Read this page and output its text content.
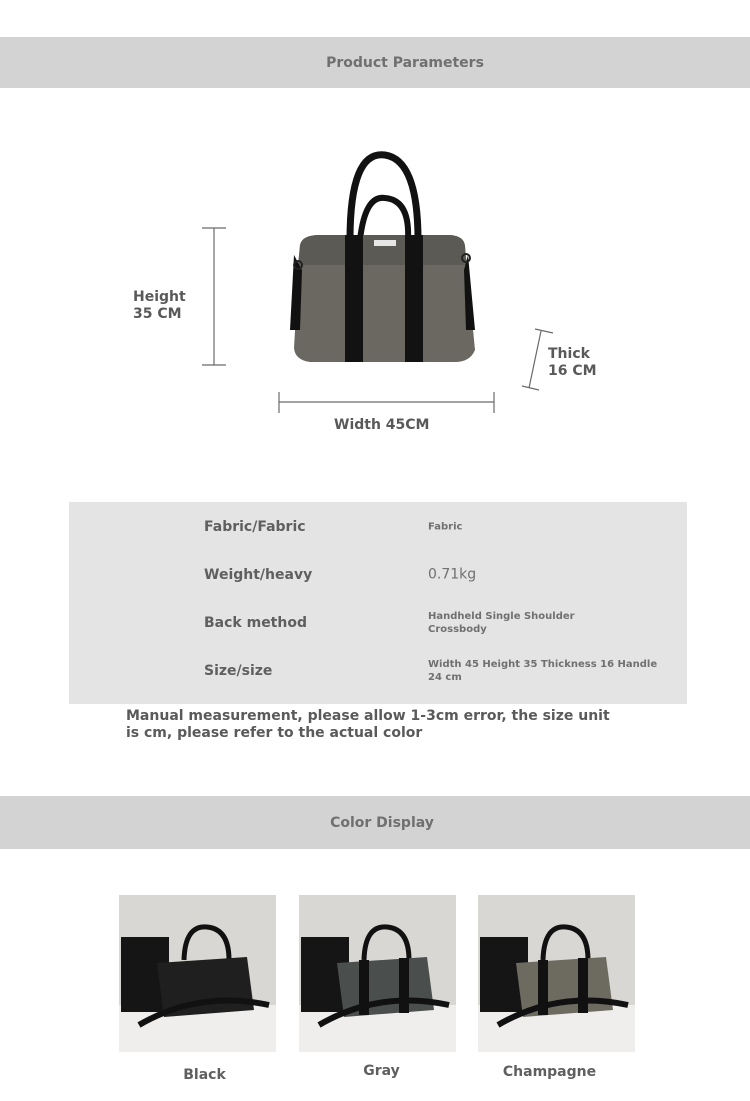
Product Parameters
Height 35 CM
Thick 16 CM
Width 45CM
Fabric/Fabric	Fabric
Weight/heavy	0.71kg
Back method	Handheld Single Shoulder Crossbody
Size/size	Width 45 Height 35 Thickness 16 Handle 24 cm
Manual measurement, please allow 1-3cm error, the size unit is cm, please refer to the actual color
Color Display
Black	Gray	Champagne
